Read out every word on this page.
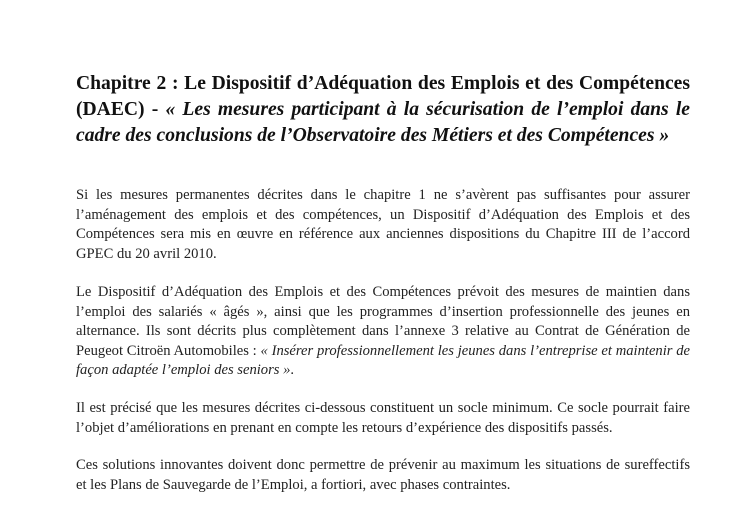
Chapitre 2 : Le Dispositif d’Adéquation des Emplois et des Compétences (DAEC) - « Les mesures participant à la sécurisation de l’emploi dans le cadre des conclusions de l’Observatoire des Métiers et des Compétences »

Si les mesures permanentes décrites dans le chapitre 1 ne s’avèrent pas suffisantes pour assurer l’aménagement des emplois et des compétences, un Dispositif d’Adéquation des Emplois et des Compétences sera mis en œuvre en référence aux anciennes dispositions du Chapitre III de l’accord GPEC du 20 avril 2010.

Le Dispositif d’Adéquation des Emplois et des Compétences prévoit des mesures de maintien dans l’emploi des salariés « âgés », ainsi que les programmes d’insertion professionnelle des jeunes en alternance. Ils sont décrits plus complètement dans l’annexe 3 relative au Contrat de Génération de Peugeot Citroën Automobiles : « Insérer professionnellement les jeunes dans l’entreprise et maintenir de façon adaptée l’emploi des seniors ».

Il est précisé que les mesures décrites ci-dessous constituent un socle minimum. Ce socle pourrait faire l’objet d’améliorations en prenant en compte les retours d’expérience des dispositifs passés.

Ces solutions innovantes doivent donc permettre de prévenir au maximum les situations de sureffectifs et les Plans de Sauvegarde de l’Emploi, a fortiori, avec phases contraintes.
